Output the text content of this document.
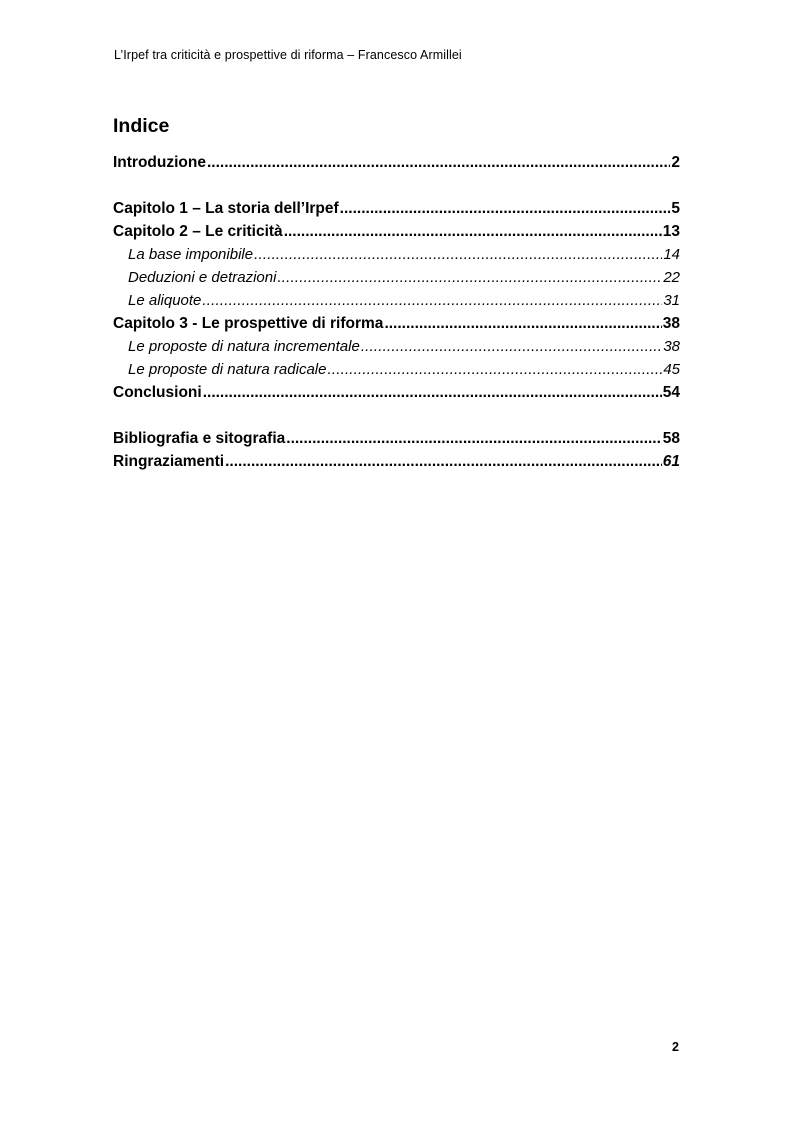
L’Irpef tra criticità e prospettive di riforma – Francesco Armillei
Indice
Introduzione .....	2
Capitolo 1 – La storia dell’Irpef .....	5
Capitolo 2 – Le criticità .....	13
La base imponibile .....	14
Deduzioni e detrazioni .....	22
Le aliquote .....	31
Capitolo 3 - Le prospettive di riforma .....	38
Le proposte di natura incrementale .....	38
Le proposte di natura radicale .....	45
Conclusioni .....	54
Bibliografia e sitografia .....	58
Ringraziamenti .....	61
2
